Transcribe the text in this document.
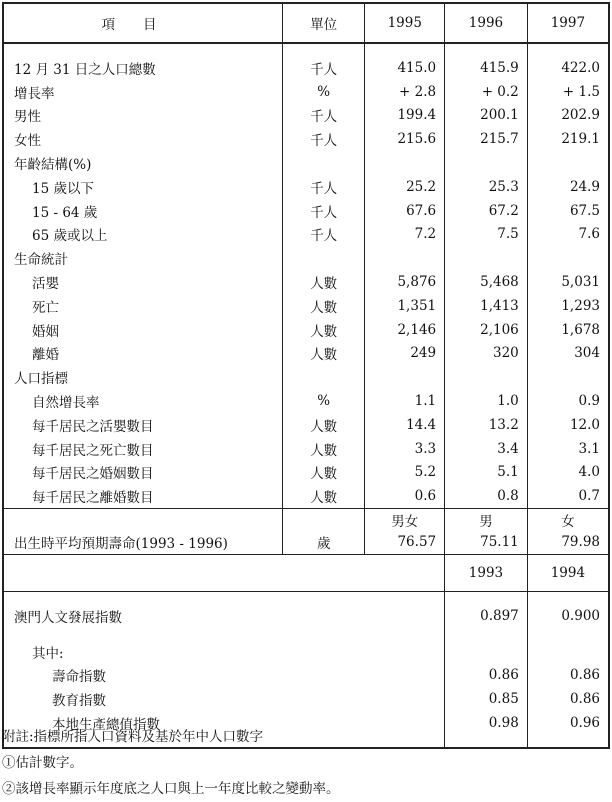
項目	單位	1995	1996	1997

12 月 31 日之人口總數	千人	415.0	415.9	422.0
增長率	%	+ 2.8	+ 0.2	+ 1.5
男性	千人	199.4	200.1	202.9
女性	千人	215.6	215.7	219.1
年齡結構(%)				
15 歲以下	千人	25.2	25.3	24.9
15 - 64 歲	千人	67.6	67.2	67.5
65 歲或以上	千人	7.2	7.5	7.6
生命統計				
活嬰	人數	5,876	5,468	5,031
死亡	人數	1,351	1,413	1,293
婚姻	人數	2,146	2,106	1,678
離婚	人數	249	320	304
人口指標				
自然增長率	%	1.1	1.0	0.9
每千居民之活嬰數目	人數	14.4	13.2	12.0
每千居民之死亡數目	人數	3.3	3.4	3.1
每千居民之婚姻數目	人數	5.2	5.1	4.0
每千居民之離婚數目	人數	0.6	0.8	0.7
		男女	男	女
出生時平均預期壽命(1993 - 1996)	歲	76.57	75.11	79.98
			1993	1994

澳門人文發展指數			0.897	0.900

其中:				
壽命指數			0.86	0.86
教育指數			0.85	0.86
本地生產總值指數			0.98	0.96

附註:指標所指人口資料及基於年中人口數字
①估計數字。
②該增長率顯示年度底之人口與上一年度比較之變動率。
